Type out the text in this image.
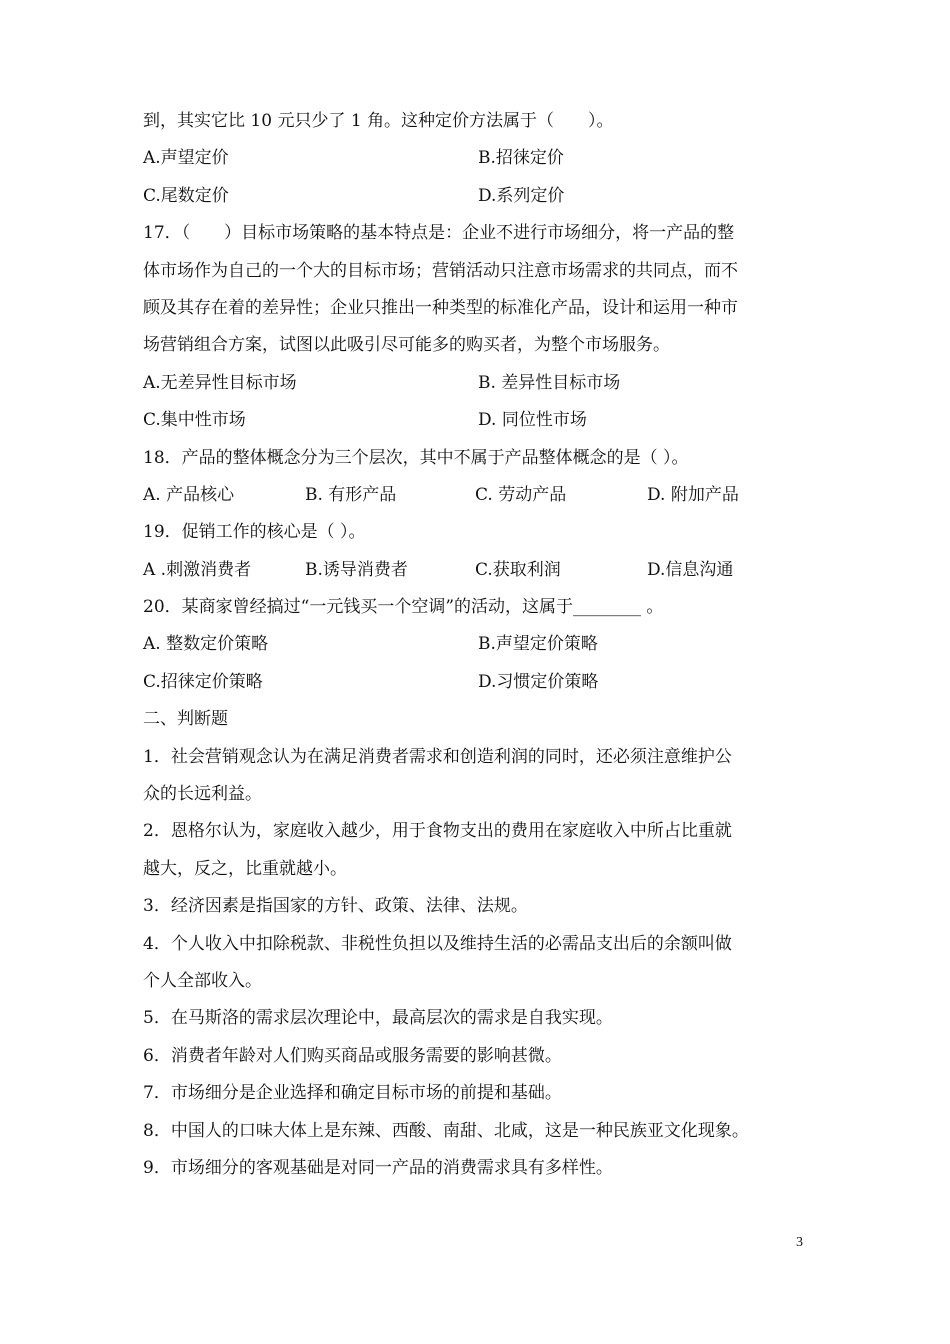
到，其实它比 10 元只少了 1 角。这种定价方法属于（　　）。
A.声望定价	B.招徕定价
C.尾数定价	D.系列定价
17．（　　）目标市场策略的基本特点是：企业不进行市场细分，将一产品的整
体市场作为自己的一个大的目标市场；营销活动只注意市场需求的共同点，而不
顾及其存在着的差异性；企业只推出一种类型的标准化产品，设计和运用一种市
场营销组合方案，试图以此吸引尽可能多的购买者，为整个市场服务。
A.无差异性目标市场	B. 差异性目标市场
C.集中性市场	D. 同位性市场
18．产品的整体概念分为三个层次，其中不属于产品整体概念的是（ ）。
A. 产品核心	B. 有形产品	C. 劳动产品	D. 附加产品
19．促销工作的核心是（ ）。
A .刺激消费者	B.诱导消费者	C.获取利润	D.信息沟通
20．某商家曾经搞过“一元钱买一个空调”的活动，这属于________ 。
A. 整数定价策略	B.声望定价策略
C.招徕定价策略	D.习惯定价策略
二、判断题
1．社会营销观念认为在满足消费者需求和创造利润的同时，还必须注意维护公
众的长远利益。
2．恩格尔认为，家庭收入越少，用于食物支出的费用在家庭收入中所占比重就
越大，反之，比重就越小。
3．经济因素是指国家的方针、政策、法律、法规。
4．个人收入中扣除税款、非税性负担以及维持生活的必需品支出后的余额叫做
个人全部收入。
5．在马斯洛的需求层次理论中，最高层次的需求是自我实现。
6．消费者年龄对人们购买商品或服务需要的影响甚微。
7．市场细分是企业选择和确定目标市场的前提和基础。
8．中国人的口味大体上是东辣、西酸、南甜、北咸，这是一种民族亚文化现象。
9．市场细分的客观基础是对同一产品的消费需求具有多样性。
3
